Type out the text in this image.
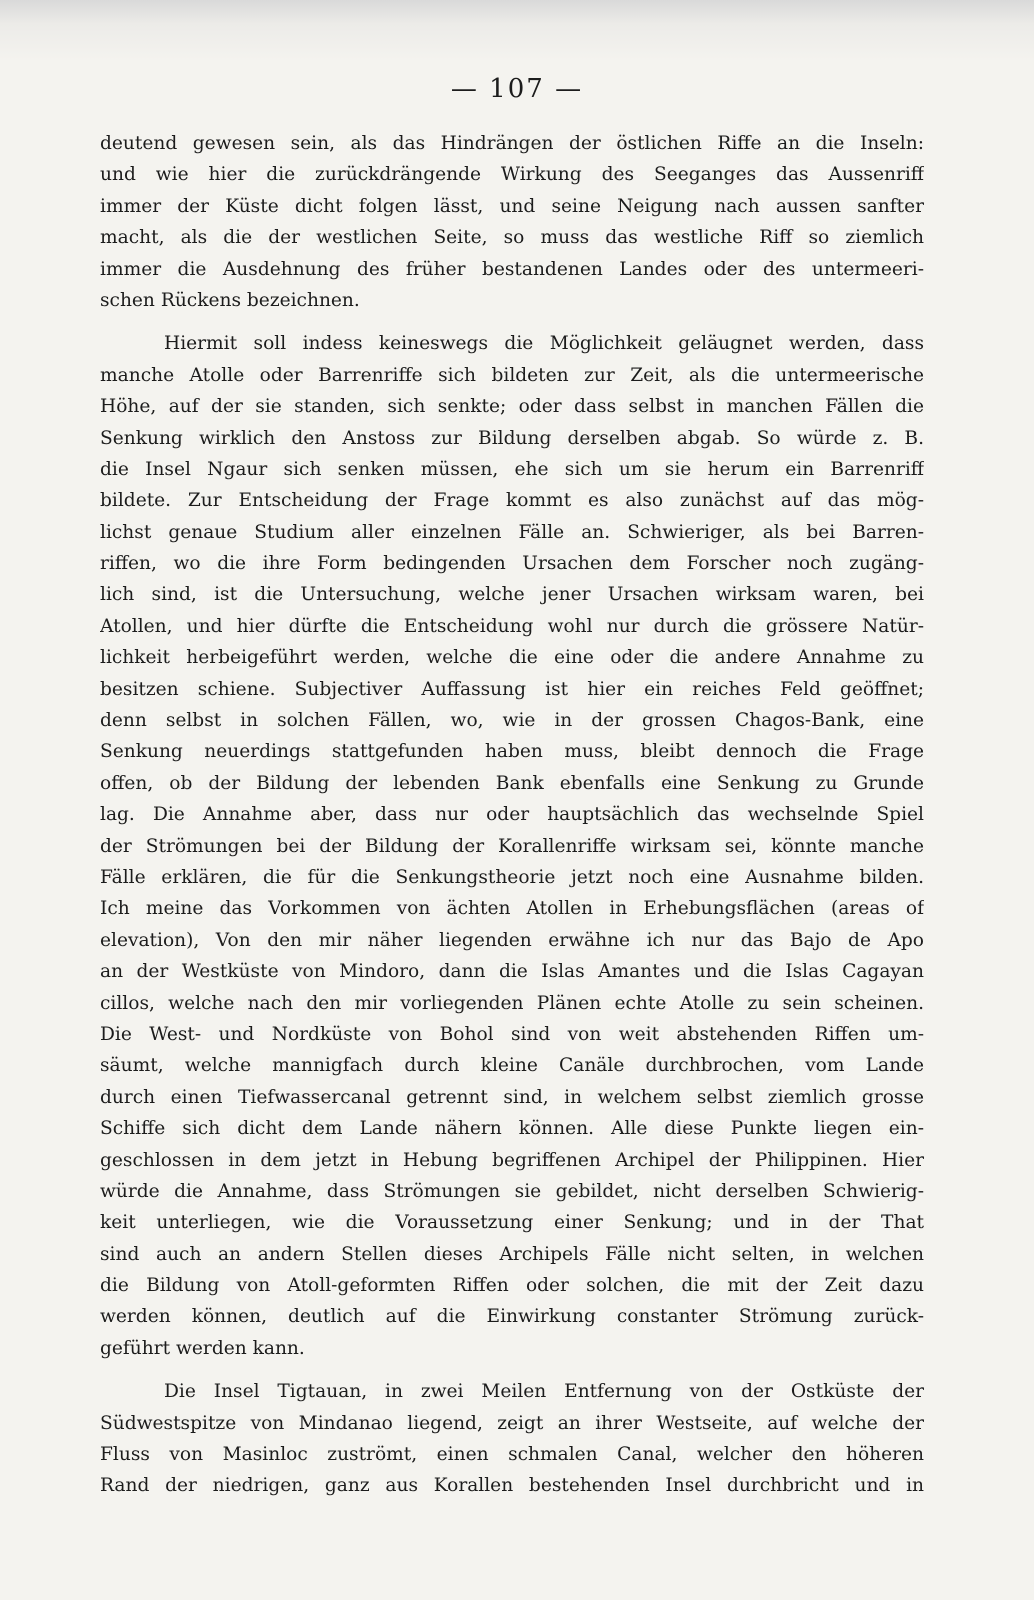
— 107 —
deutend gewesen sein, als das Hindrängen der östlichen Riffe an die Inseln:
und wie hier die zurückdrängende Wirkung des Seeganges das Aussenriff
immer der Küste dicht folgen lässt, und seine Neigung nach aussen sanfter
macht, als die der westlichen Seite, so muss das westliche Riff so ziemlich
immer die Ausdehnung des früher bestandenen Landes oder des untermeeri-
schen Rückens bezeichnen.
Hiermit soll indess keineswegs die Möglichkeit geläugnet werden, dass
manche Atolle oder Barrenriffe sich bildeten zur Zeit, als die untermeerische
Höhe, auf der sie standen, sich senkte; oder dass selbst in manchen Fällen die
Senkung wirklich den Anstoss zur Bildung derselben abgab. So würde z. B.
die Insel Ngaur sich senken müssen, ehe sich um sie herum ein Barrenriff
bildete. Zur Entscheidung der Frage kommt es also zunächst auf das mög-
lichst genaue Studium aller einzelnen Fälle an. Schwieriger, als bei Barren-
riffen, wo die ihre Form bedingenden Ursachen dem Forscher noch zugäng-
lich sind, ist die Untersuchung, welche jener Ursachen wirksam waren, bei
Atollen, und hier dürfte die Entscheidung wohl nur durch die grössere Natür-
lichkeit herbeigeführt werden, welche die eine oder die andere Annahme zu
besitzen schiene. Subjectiver Auffassung ist hier ein reiches Feld geöffnet;
denn selbst in solchen Fällen, wo, wie in der grossen Chagos-Bank, eine
Senkung neuerdings stattgefunden haben muss, bleibt dennoch die Frage
offen, ob der Bildung der lebenden Bank ebenfalls eine Senkung zu Grunde
lag. Die Annahme aber, dass nur oder hauptsächlich das wechselnde Spiel
der Strömungen bei der Bildung der Korallenriffe wirksam sei, könnte manche
Fälle erklären, die für die Senkungstheorie jetzt noch eine Ausnahme bilden.
Ich meine das Vorkommen von ächten Atollen in Erhebungsflächen (areas of
elevation), Von den mir näher liegenden erwähne ich nur das Bajo de Apo
an der Westküste von Mindoro, dann die Islas Amantes und die Islas Cagayan
cillos, welche nach den mir vorliegenden Plänen echte Atolle zu sein scheinen.
Die West- und Nordküste von Bohol sind von weit abstehenden Riffen um-
säumt, welche mannigfach durch kleine Canäle durchbrochen, vom Lande
durch einen Tiefwassercanal getrennt sind, in welchem selbst ziemlich grosse
Schiffe sich dicht dem Lande nähern können. Alle diese Punkte liegen ein-
geschlossen in dem jetzt in Hebung begriffenen Archipel der Philippinen. Hier
würde die Annahme, dass Strömungen sie gebildet, nicht derselben Schwierig-
keit unterliegen, wie die Voraussetzung einer Senkung; und in der That
sind auch an andern Stellen dieses Archipels Fälle nicht selten, in welchen
die Bildung von Atoll-geformten Riffen oder solchen, die mit der Zeit dazu
werden können, deutlich auf die Einwirkung constanter Strömung zurück-
geführt werden kann.
Die Insel Tigtauan, in zwei Meilen Entfernung von der Ostküste der
Südwestspitze von Mindanao liegend, zeigt an ihrer Westseite, auf welche der
Fluss von Masinloc zuströmt, einen schmalen Canal, welcher den höheren
Rand der niedrigen, ganz aus Korallen bestehenden Insel durchbricht und in
